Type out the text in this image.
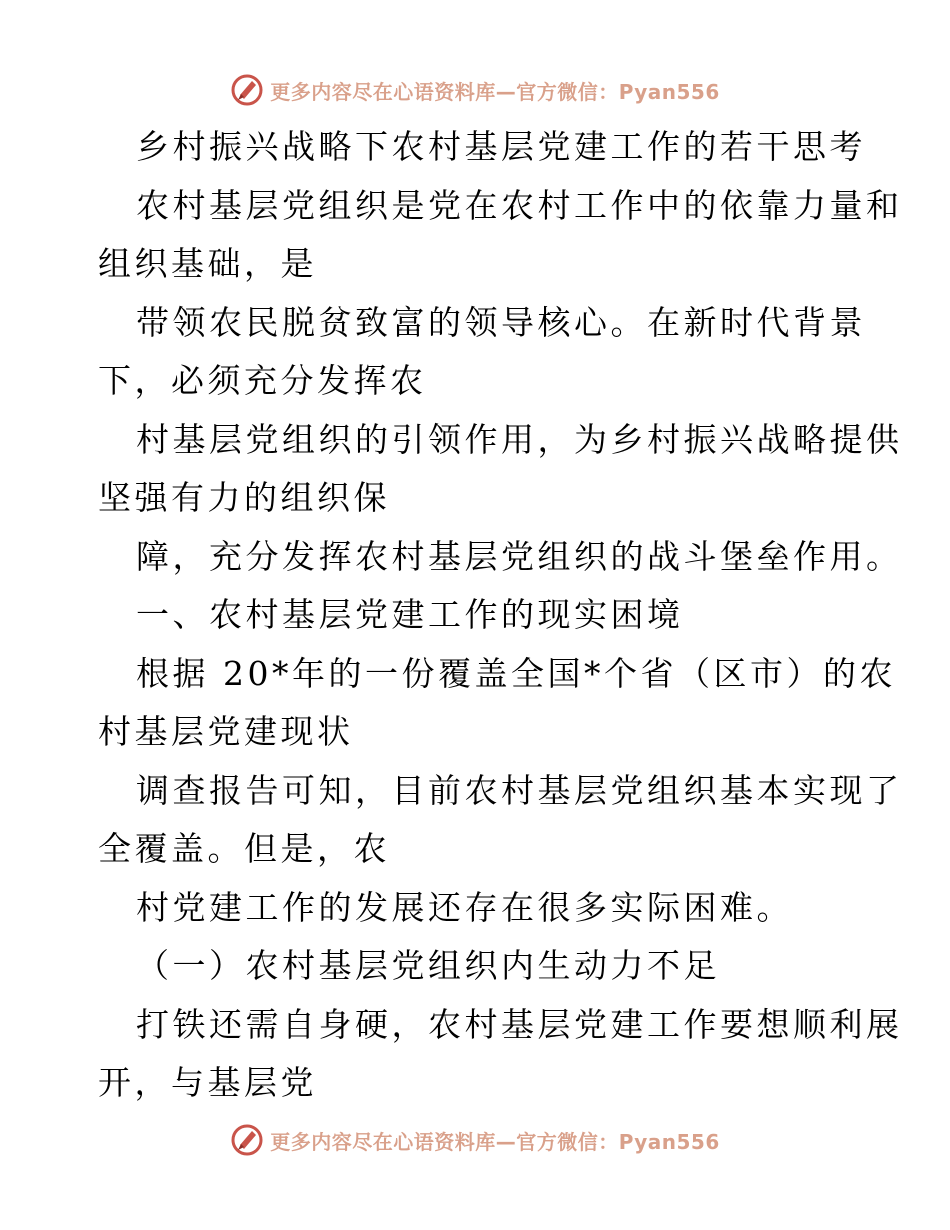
更多内容尽在心语资料库—官方微信：Pyan556
乡村振兴战略下农村基层党建工作的若干思考
农村基层党组织是党在农村工作中的依靠力量和
组织基础，是
带领农民脱贫致富的领导核心。在新时代背景
下，必须充分发挥农
村基层党组织的引领作用，为乡村振兴战略提供
坚强有力的组织保
障，充分发挥农村基层党组织的战斗堡垒作用。
一、农村基层党建工作的现实困境
根据 20*年的一份覆盖全国*个省（区市）的农
村基层党建现状
调查报告可知，目前农村基层党组织基本实现了
全覆盖。但是，农
村党建工作的发展还存在很多实际困难。
（一）农村基层党组织内生动力不足
打铁还需自身硬，农村基层党建工作要想顺利展
开，与基层党
更多内容尽在心语资料库—官方微信：Pyan556
